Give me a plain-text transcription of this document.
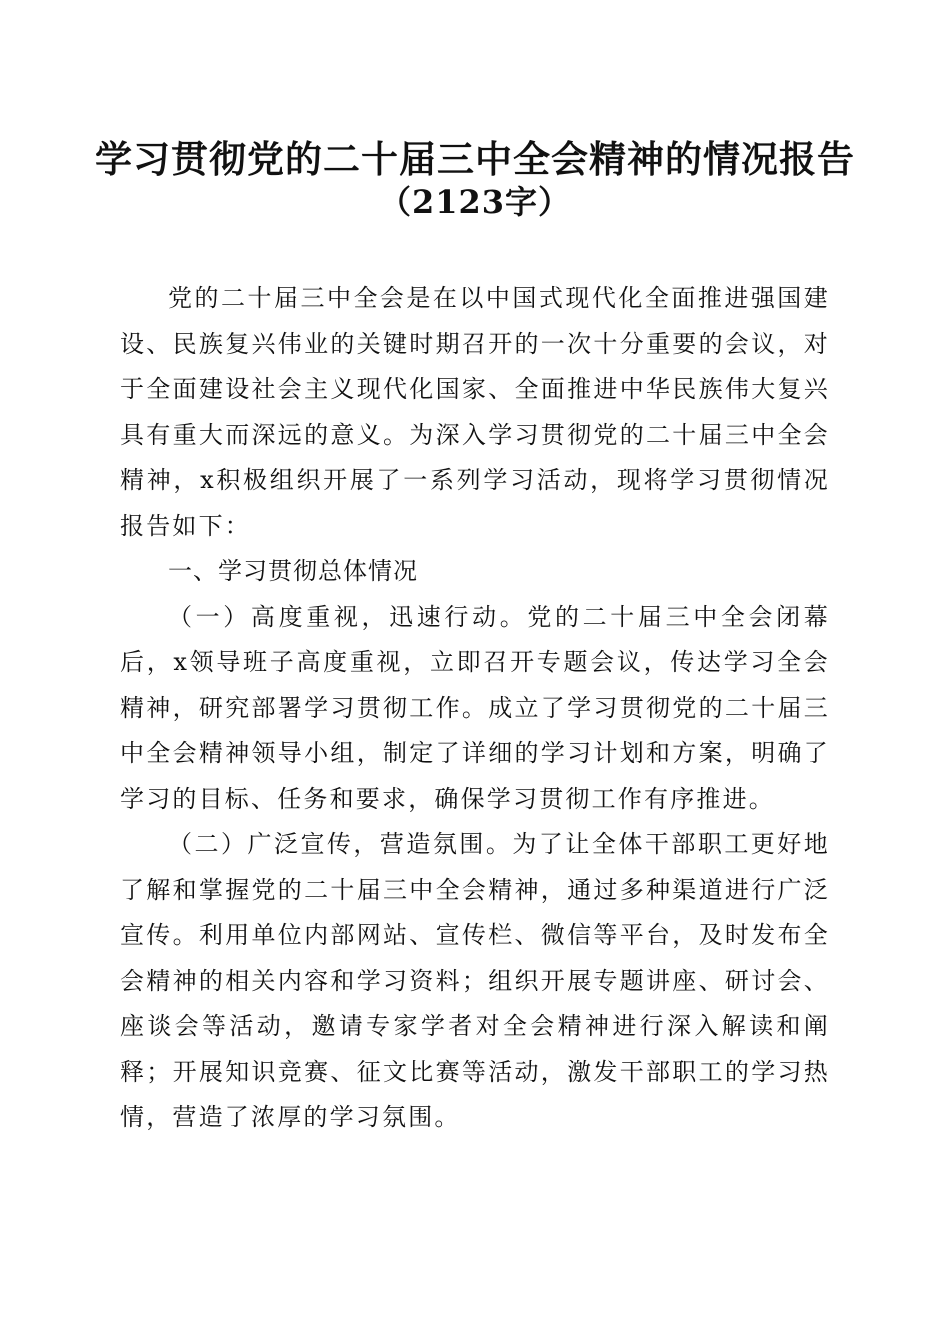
学习贯彻党的二十届三中全会精神的情况报告
（2123字）

党的二十届三中全会是在以中国式现代化全面推进强国建设、民族复兴伟业的关键时期召开的一次十分重要的会议，对于全面建设社会主义现代化国家、全面推进中华民族伟大复兴具有重大而深远的意义。为深入学习贯彻党的二十届三中全会精神，x积极组织开展了一系列学习活动，现将学习贯彻情况报告如下：

一、学习贯彻总体情况

（一）高度重视，迅速行动。党的二十届三中全会闭幕后，x领导班子高度重视，立即召开专题会议，传达学习全会精神，研究部署学习贯彻工作。成立了学习贯彻党的二十届三中全会精神领导小组，制定了详细的学习计划和方案，明确了学习的目标、任务和要求，确保学习贯彻工作有序推进。

（二）广泛宣传，营造氛围。为了让全体干部职工更好地了解和掌握党的二十届三中全会精神，通过多种渠道进行广泛宣传。利用单位内部网站、宣传栏、微信等平台，及时发布全会精神的相关内容和学习资料；组织开展专题讲座、研讨会、座谈会等活动，邀请专家学者对全会精神进行深入解读和阐释；开展知识竞赛、征文比赛等活动，激发干部职工的学习热情，营造了浓厚的学习氛围。
